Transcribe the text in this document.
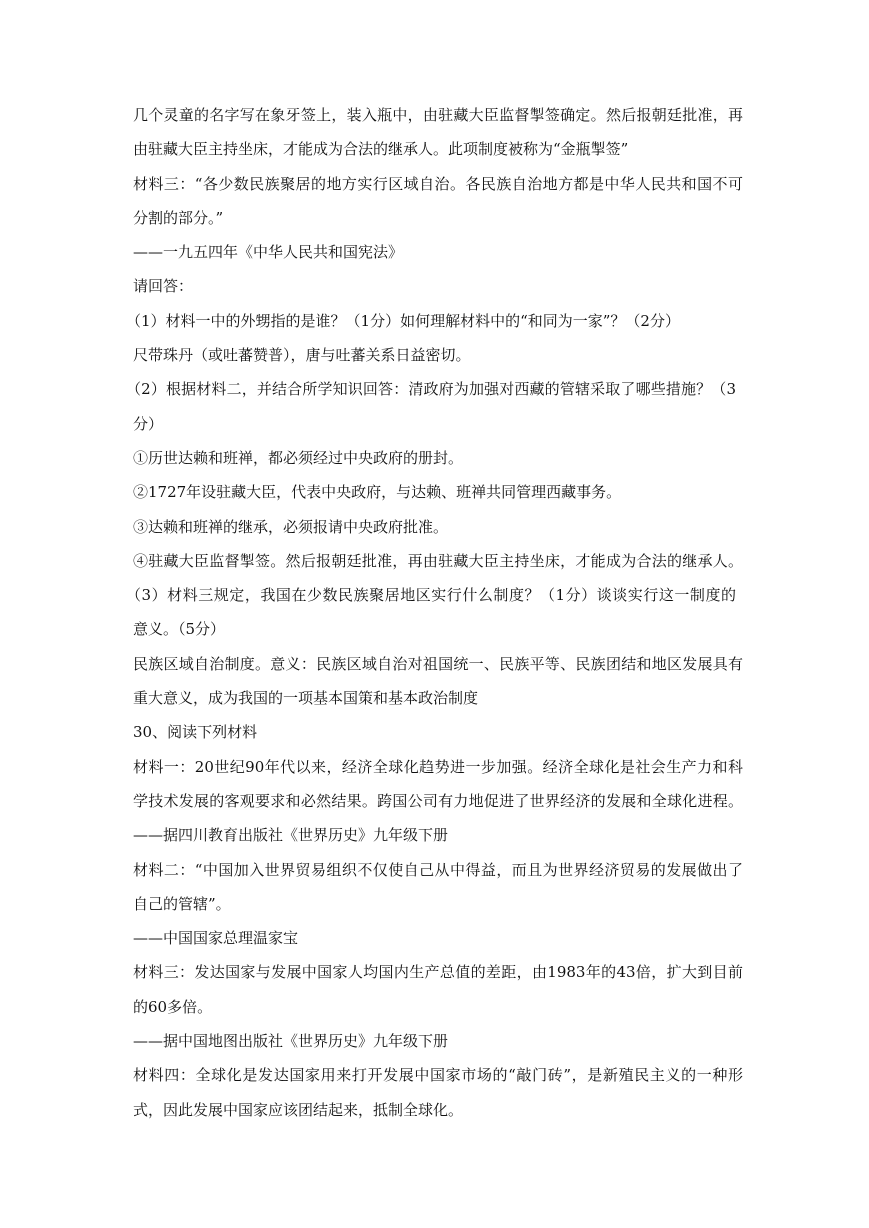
几个灵童的名字写在象牙签上，装入瓶中，由驻藏大臣监督掣签确定。然后报朝廷批准，再
由驻藏大臣主持坐床，才能成为合法的继承人。此项制度被称为“金瓶掣签”
材料三：“各少数民族聚居的地方实行区域自治。各民族自治地方都是中华人民共和国不可
分割的部分。”
——一九五四年《中华人民共和国宪法》
请回答：
（1）材料一中的外甥指的是谁？（1分）如何理解材料中的“和同为一家”？（2分）
尺带珠丹（或吐蕃赞普），唐与吐蕃关系日益密切。
（2）根据材料二，并结合所学知识回答：清政府为加强对西藏的管辖采取了哪些措施？（3
分）
①历世达赖和班禅，都必须经过中央政府的册封。
②1727年设驻藏大臣，代表中央政府，与达赖、班禅共同管理西藏事务。
③达赖和班禅的继承，必须报请中央政府批准。
④驻藏大臣监督掣签。然后报朝廷批准，再由驻藏大臣主持坐床，才能成为合法的继承人。
（3）材料三规定，我国在少数民族聚居地区实行什么制度？（1分）谈谈实行这一制度的
意义。（5分）
民族区域自治制度。意义：民族区域自治对祖国统一、民族平等、民族团结和地区发展具有
重大意义，成为我国的一项基本国策和基本政治制度
30、阅读下列材料
材料一：20世纪90年代以来，经济全球化趋势进一步加强。经济全球化是社会生产力和科
学技术发展的客观要求和必然结果。跨国公司有力地促进了世界经济的发展和全球化进程。
——据四川教育出版社《世界历史》九年级下册
材料二：“中国加入世界贸易组织不仅使自己从中得益，而且为世界经济贸易的发展做出了
自己的管辖”。
——中国国家总理温家宝
材料三：发达国家与发展中国家人均国内生产总值的差距，由1983年的43倍，扩大到目前
的60多倍。
——据中国地图出版社《世界历史》九年级下册
材料四：全球化是发达国家用来打开发展中国家市场的“敲门砖”，是新殖民主义的一种形
式，因此发展中国家应该团结起来，抵制全球化。
